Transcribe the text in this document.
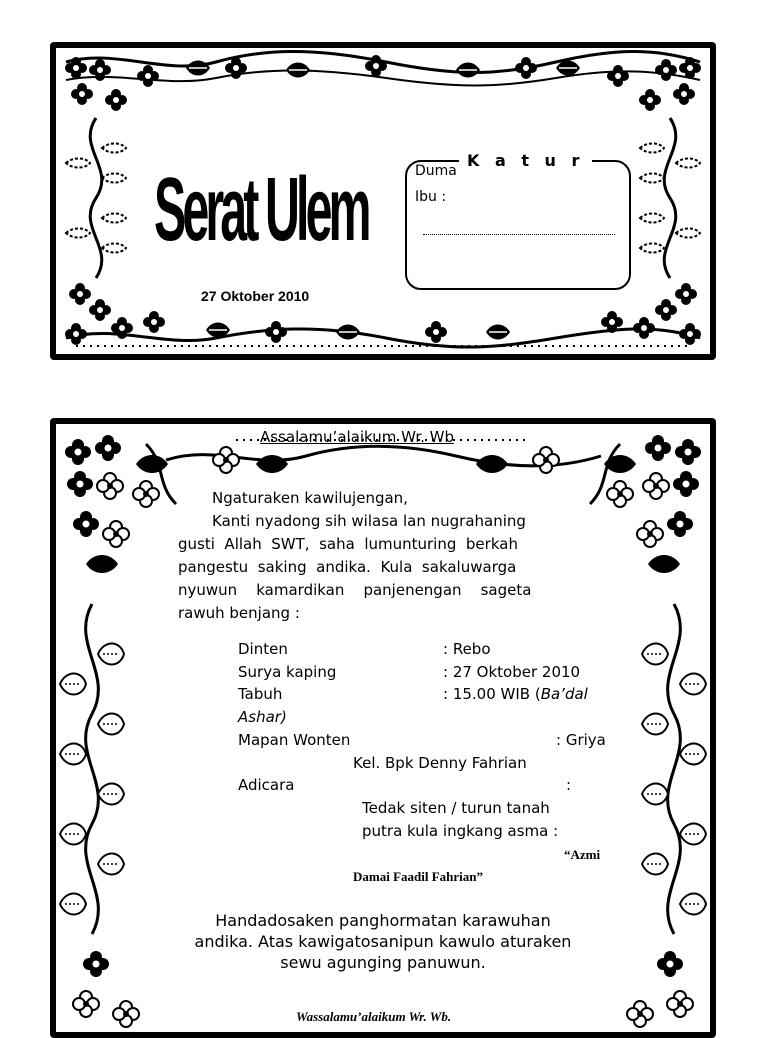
Serat Ulem
27 Oktober 2010
Duma
K a t u r
Ibu :
Assalamu’alaikum Wr. Wb
Ngaturaken kawilujengan,
Kanti nyadong sih wilasa lan nugrahaning
gusti  Allah  SWT,  saha  lumunturing  berkah
pangestu  saking  andika.  Kula  sakaluwarga
nyuwun    kamardikan    panjenengan    sageta
rawuh benjang :
Dinten	: Rebo
Surya kaping	: 27 Oktober 2010
Tabuh	: 15.00 WIB (Ba’dal
Ashar)
Mapan Wonten	: Griya
Kel. Bpk Denny Fahrian
Adicara	:
Tedak siten / turun tanah
putra kula ingkang asma :
“Azmi
Damai Faadil Fahrian”
Handadosaken panghormatan karawuhan
andika. Atas kawigatosanipun kawulo aturaken
sewu agunging panuwun.
Wassalamu’alaikum Wr. Wb.
